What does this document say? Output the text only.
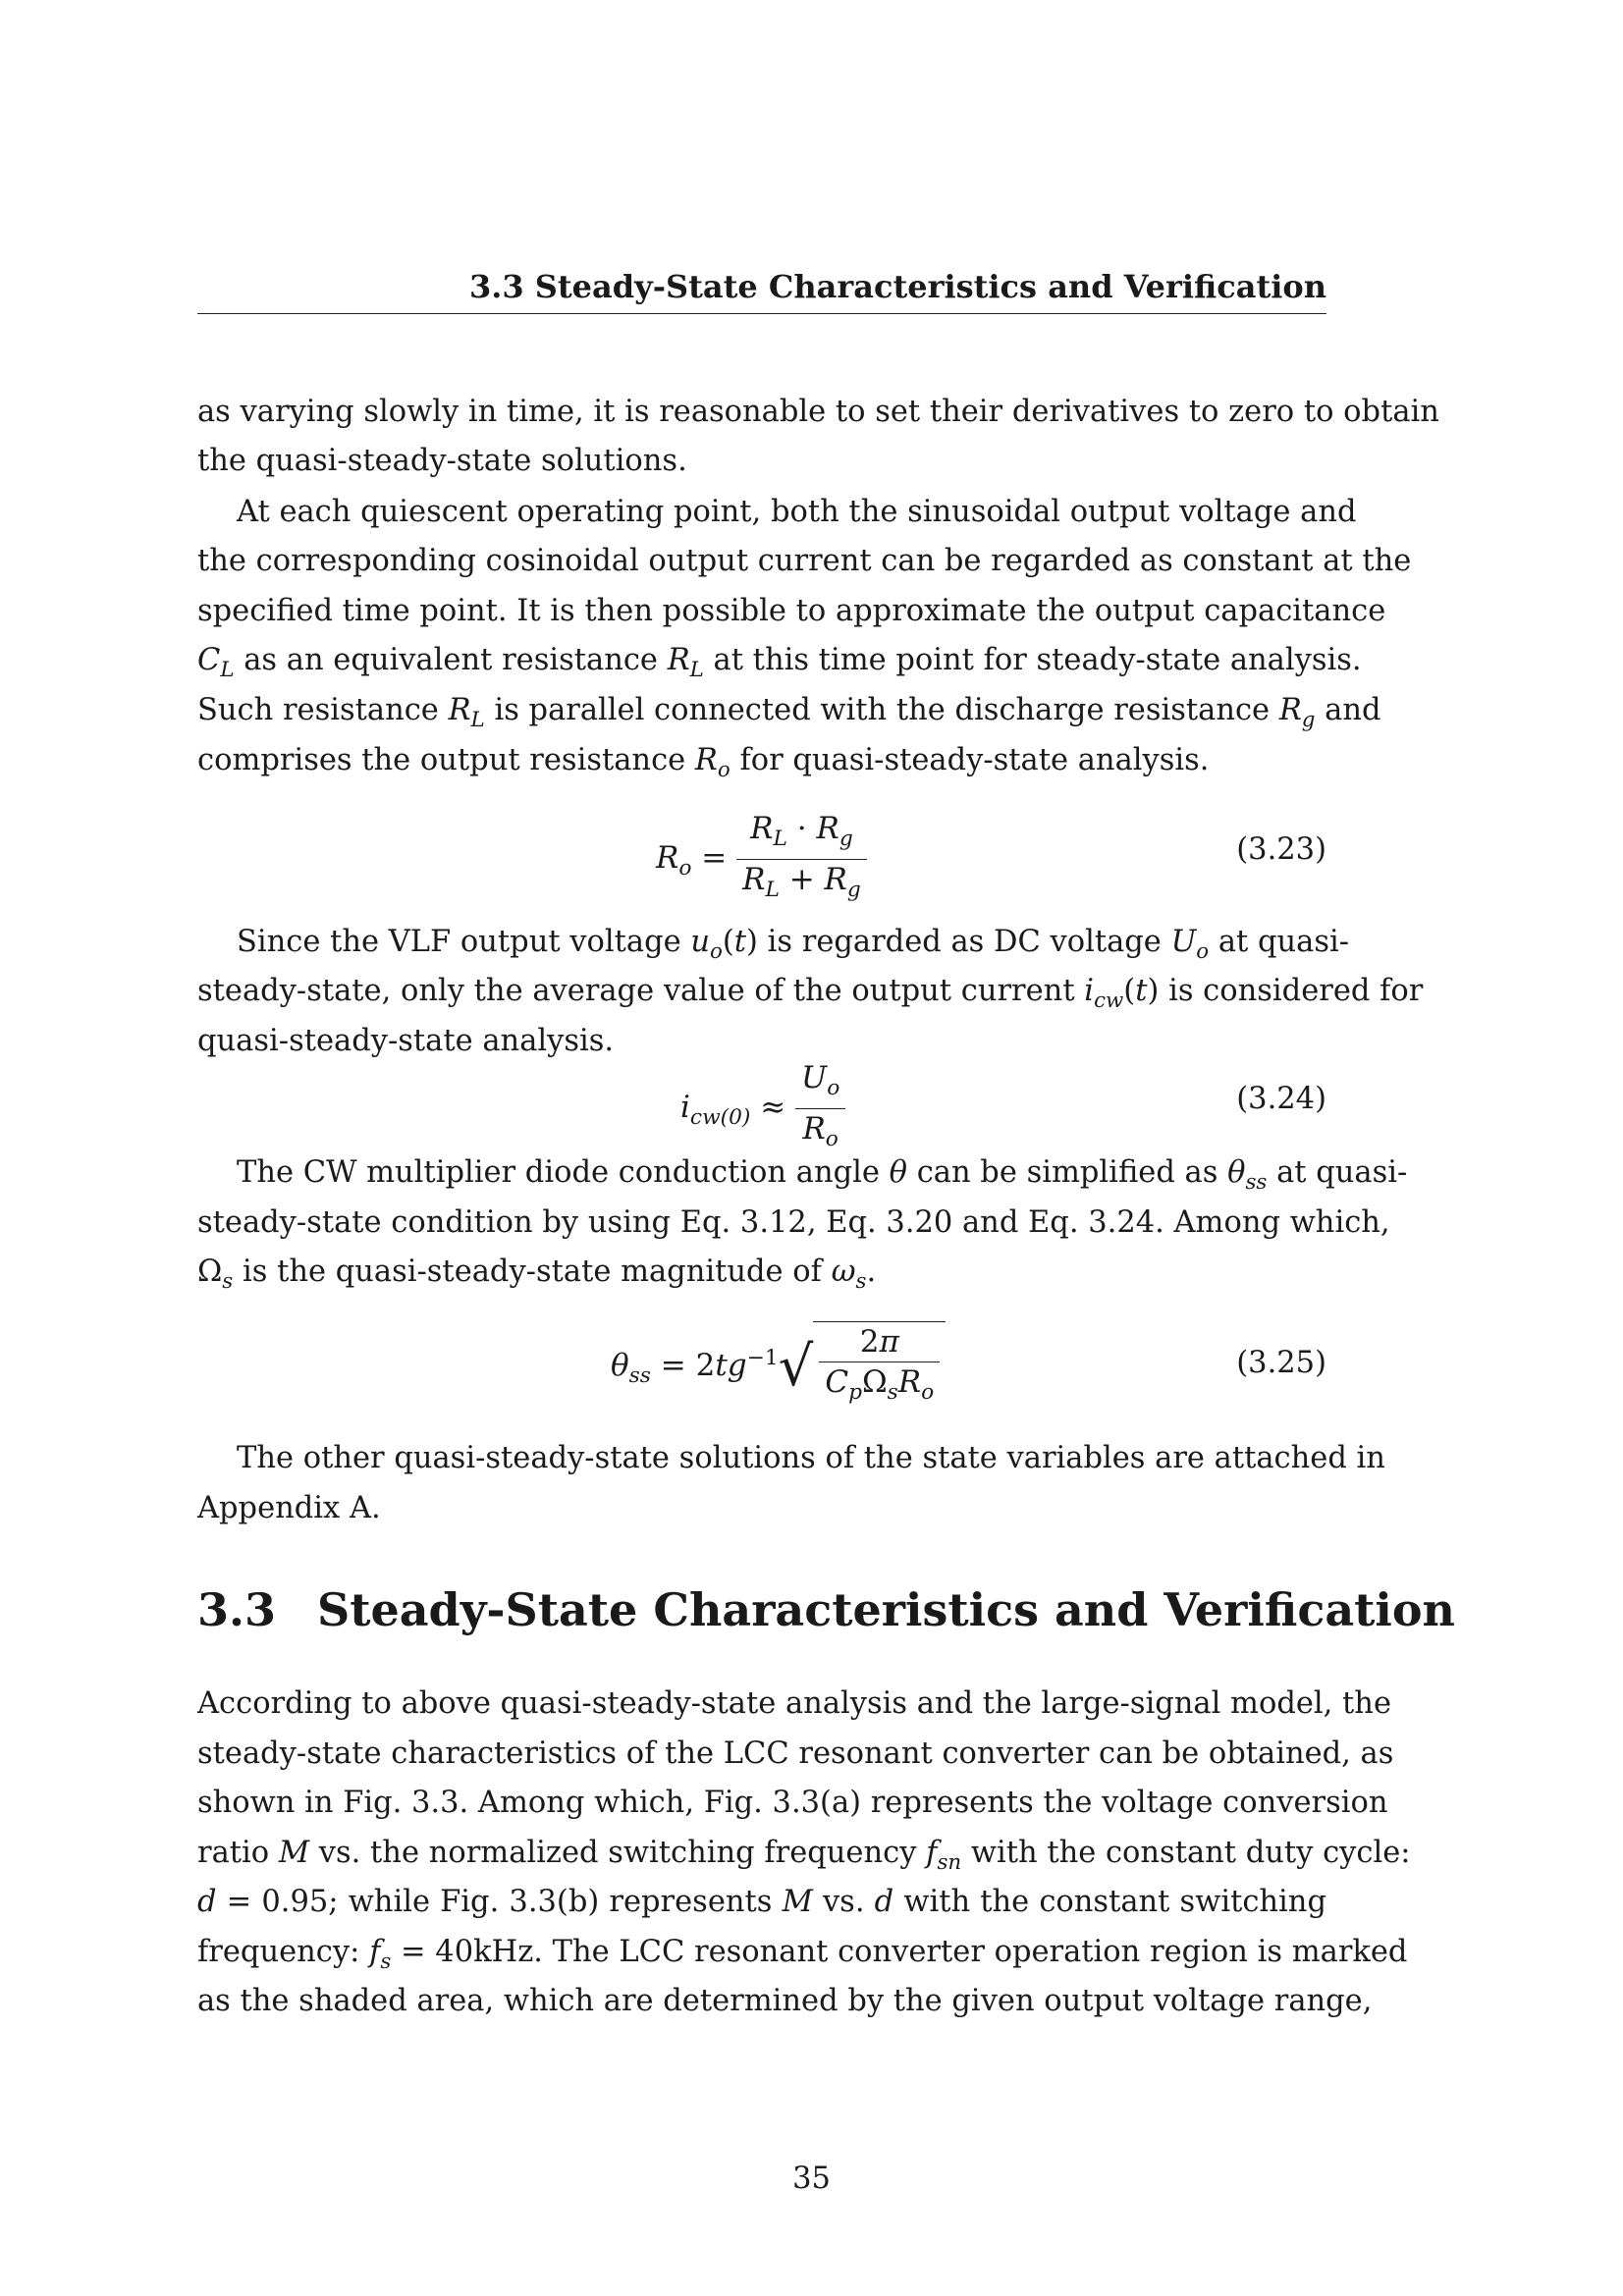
3.3 Steady-State Characteristics and Verification
as varying slowly in time, it is reasonable to set their derivatives to zero to obtain
the quasi-steady-state solutions.
At each quiescent operating point, both the sinusoidal output voltage and
the corresponding cosinoidal output current can be regarded as constant at the
specified time point. It is then possible to approximate the output capacitance
$C_L$ as an equivalent resistance $R_L$ at this time point for steady-state analysis.
Such resistance $R_L$ is parallel connected with the discharge resistance $R_g$ and
comprises the output resistance $R_o$ for quasi-steady-state analysis.
$R_o = \frac{R_L \cdot R_g}{R_L + R_g}$	(3.23)
Since the VLF output voltage $u_o(t)$ is regarded as DC voltage $U_o$ at quasi-
steady-state, only the average value of the output current $i_{cw}(t)$ is considered for
quasi-steady-state analysis.
$i_{cw(0)} \approx \frac{U_o}{R_o}$	(3.24)
The CW multiplier diode conduction angle θ can be simplified as $\theta_{ss}$ at quasi-
steady-state condition by using Eq. 3.12, Eq. 3.20 and Eq. 3.24. Among which,
$\Omega_s$ is the quasi-steady-state magnitude of $\omega_s$.
$\theta_{ss} = 2tg^{-1}√ \frac{2\pi}{C_p\Omega_sR_o}$	(3.25)
The other quasi-steady-state solutions of the state variables are attached in
Appendix A.
3.3 Steady-State Characteristics and Verification
According to above quasi-steady-state analysis and the large-signal model, the
steady-state characteristics of the LCC resonant converter can be obtained, as
shown in Fig. 3.3. Among which, Fig. 3.3(a) represents the voltage conversion
ratio M vs. the normalized switching frequency $f_{sn}$ with the constant duty cycle:
d = 0.95; while Fig. 3.3(b) represents M vs. d with the constant switching
frequency: $f_s = 40kHz$. The LCC resonant converter operation region is marked
as the shaded area, which are determined by the given output voltage range,
35
